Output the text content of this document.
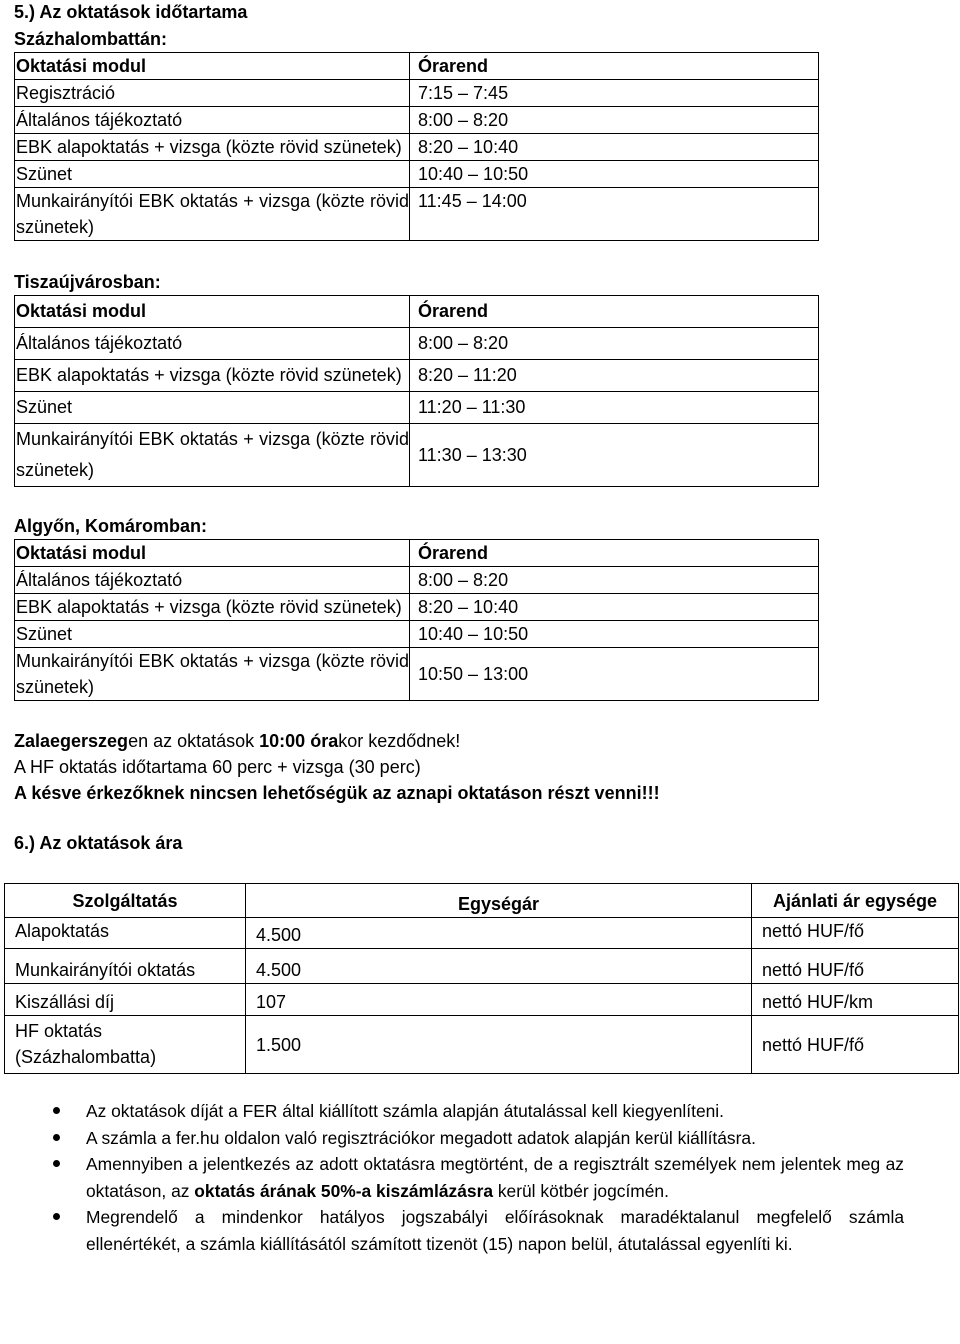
5.) Az oktatások időtartama

Százhalombattán:

Oktatási modul	Órarend
Regisztráció	7:15 – 7:45
Általános tájékoztató	8:00 – 8:20
EBK alapoktatás + vizsga (közte rövid szünetek)	8:20 – 10:40
Szünet	10:40 – 10:50
Munkairányítói EBK oktatás + vizsga (közte rövid szünetek)	11:45 – 14:00

Tiszaújvárosban:

Oktatási modul	Órarend
Általános tájékoztató	8:00 – 8:20
EBK alapoktatás + vizsga (közte rövid szünetek)	8:20 – 11:20
Szünet	11:20 – 11:30
Munkairányítói EBK oktatás + vizsga (közte rövid szünetek)	11:30 – 13:30

Algyőn, Komáromban:

Oktatási modul	Órarend
Általános tájékoztató	8:00 – 8:20
EBK alapoktatás + vizsga (közte rövid szünetek)	8:20 – 10:40
Szünet	10:40 – 10:50
Munkairányítói EBK oktatás + vizsga (közte rövid szünetek)	10:50 – 13:00

Zalaegerszegen az oktatások 10:00 órakor kezdődnek!

A HF oktatás időtartama 60 perc + vizsga (30 perc)

A késve érkezőknek nincsen lehetőségük az aznapi oktatáson részt venni!!!

6.) Az oktatások ára

Szolgáltatás	Egységár	Ajánlati ár egysége
Alapoktatás	4.500	nettó HUF/fő
Munkairányítói oktatás	4.500	nettó HUF/fő
Kiszállási díj	107	nettó HUF/km
HF oktatás (Százhalombatta)	1.500	nettó HUF/fő
Az oktatások díját a FER által kiállított számla alapján átutalással kell kiegyenlíteni.
A számla a fer.hu oldalon való regisztrációkor megadott adatok alapján kerül kiállításra.
Amennyiben a jelentkezés az adott oktatásra megtörtént, de a regisztrált személyek nem jelentek meg az oktatáson, az oktatás árának 50%-a kiszámlázásra kerül kötbér jogcímén.
Megrendelő a mindenkor hatályos jogszabályi előírásoknak maradéktalanul megfelelő számla ellenértékét, a számla kiállításától számított tizenöt (15) napon belül, átutalással egyenlíti ki.
